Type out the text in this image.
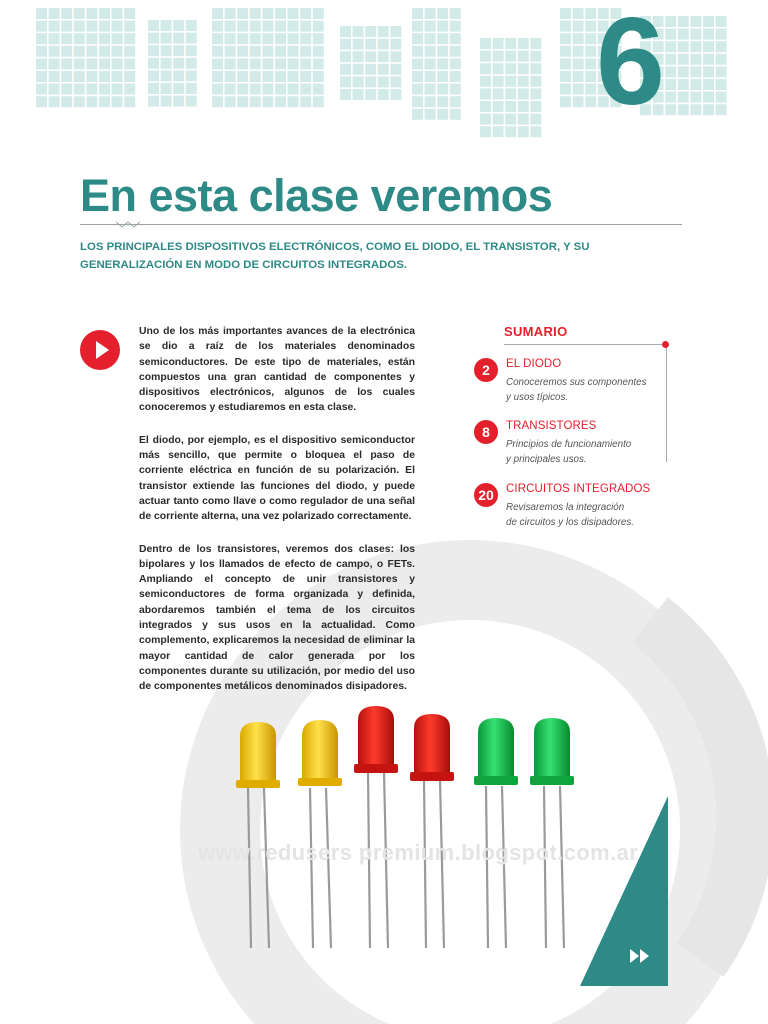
6
En esta clase veremos

LOS PRINCIPALES DISPOSITIVOS ELECTRÓNICOS, COMO EL DIODO, EL TRANSISTOR, Y SU GENERALIZACIÓN EN MODO DE CIRCUITOS INTEGRADOS.

Uno de los más importantes avances de la electrónica se dio a raíz de los materiales denominados semiconductores. De este tipo de materiales, están compuestos una gran cantidad de componentes y dispositivos electrónicos, algunos de los cuales conoceremos y estudiaremos en esta clase.

El diodo, por ejemplo, es el dispositivo semiconductor más sencillo, que permite o bloquea el paso de corriente eléctrica en función de su polarización. El transistor extiende las funciones del diodo, y puede actuar tanto como llave o como regulador de una señal de corriente alterna, una vez polarizado correctamente.

Dentro de los transistores, veremos dos clases: los bipolares y los llamados de efecto de campo, o FETs. Ampliando el concepto de unir transistores y semiconductores de forma organizada y definida, abordaremos también el tema de los circuitos integrados y sus usos en la actualidad. Como complemento, explicaremos la necesidad de eliminar la mayor cantidad de calor generada por los componentes durante su utilización, por medio del uso de componentes metálicos denominados disipadores.

SUMARIO
2	EL DIODO
Conoceremos sus componentes
y usos típicos.
8	TRANSISTORES
Principios de funcionamiento
y principales usos.
20	CIRCUITOS INTEGRADOS
Revisaremos la integración
de circuitos y los disipadores.
www.redusers premium.blogspot.com.ar
